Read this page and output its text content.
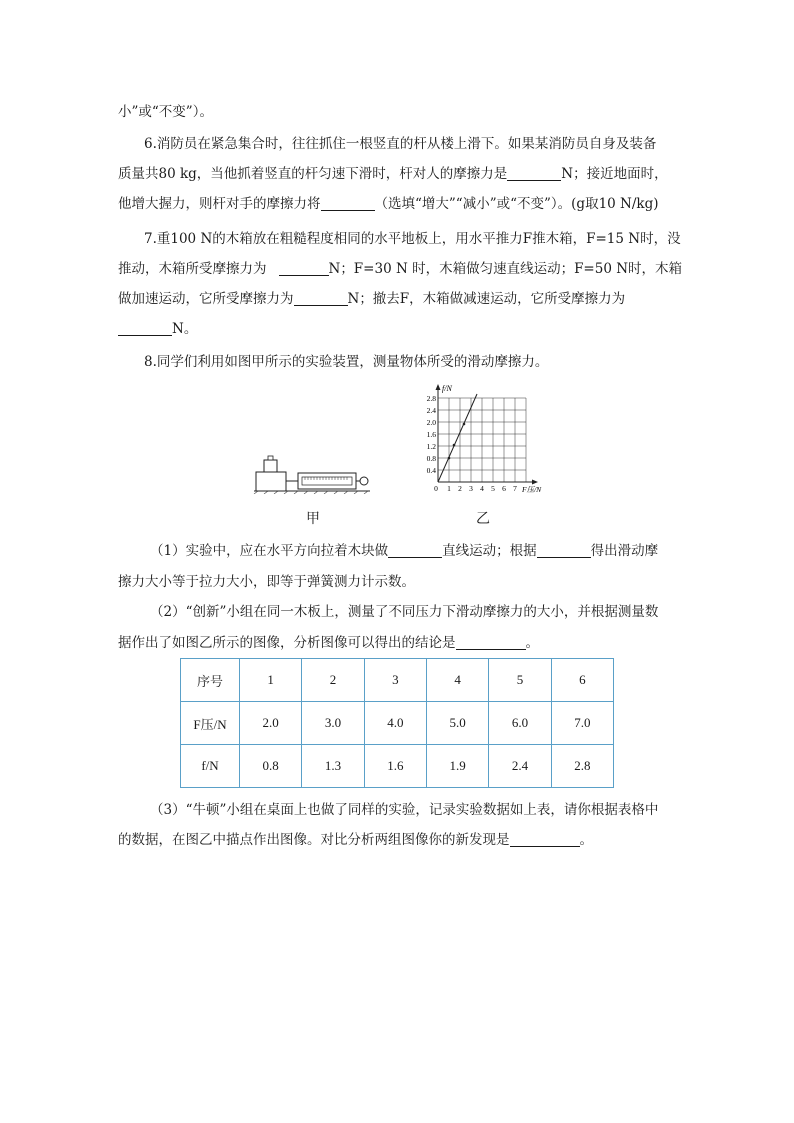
小”或“不变”）。
6.消防员在紧急集合时，往往抓住一根竖直的杆从楼上滑下。如果某消防员自身及装备
质量共80 kg，当他抓着竖直的杆匀速下滑时，杆对人的摩擦力是	N；接近地面时，
他增大握力，则杆对手的摩擦力将	（选填“增大”“减小”或“不变”）。(g取10 N/kg)
7.重100 N的木箱放在粗糙程度相同的水平地板上，用水平推力F推木箱，F=15 N时，没
推动，木箱所受摩擦力为	N；F=30 N 时，木箱做匀速直线运动；F=50 N时，木箱
做加速运动，它所受摩擦力为	N；撤去F，木箱做减速运动，它所受摩擦力为
N。
8.同学们利用如图甲所示的实验装置，测量物体所受的滑动摩擦力。
0.4
0.8
1.2
1.6
2.0
2.4
2.8
0 1 2 3 4 5 6 7
f/N
F压/N
甲	乙
（1）实验中，应在水平方向拉着木块做	直线运动；根据	得出滑动摩
擦力大小等于拉力大小，即等于弹簧测力计示数。
（2）“创新”小组在同一木板上，测量了不同压力下滑动摩擦力的大小，并根据测量数
据作出了如图乙所示的图像，分析图像可以得出的结论是	。
序号	1	2	3	4	5	6
F压/N	2.0	3.0	4.0	5.0	6.0	7.0
f/N	0.8	1.3	1.6	1.9	2.4	2.8
（3）“牛顿”小组在桌面上也做了同样的实验，记录实验数据如上表，请你根据表格中
的数据，在图乙中描点作出图像。对比分析两组图像你的新发现是	。
